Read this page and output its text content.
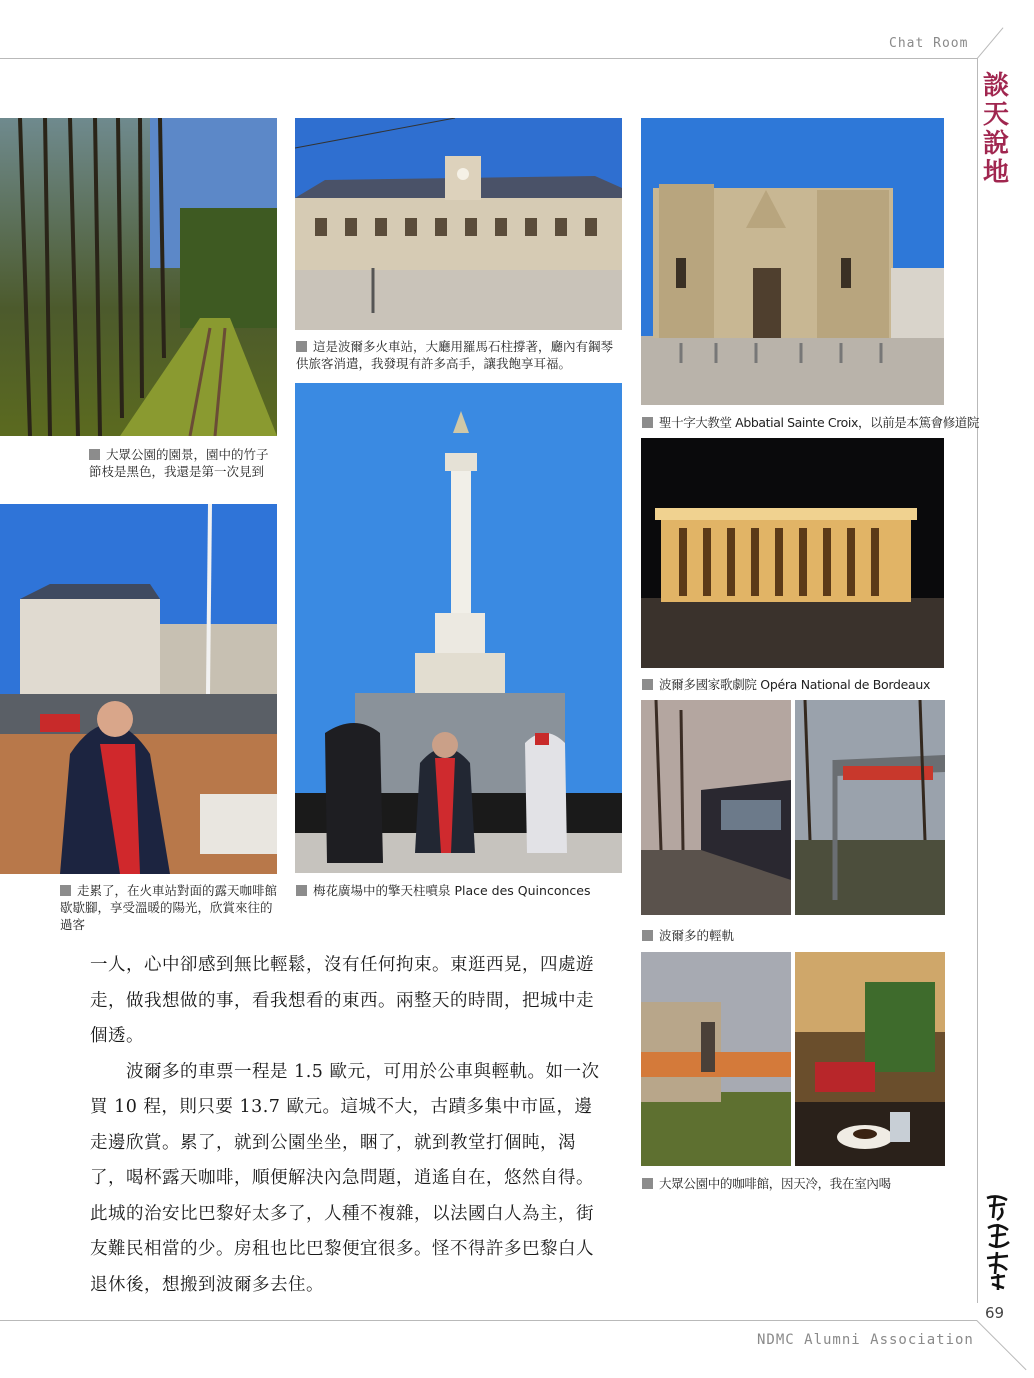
Chat Room
談天說地
大眾公園的園景，園中的竹子節枝是黑色，我還是第一次見到
這是波爾多火車站，大廳用羅馬石柱撐著，廳內有鋼琴供旅客消遣，我發現有許多高手，讓我飽享耳福。
聖十字大教堂 Abbatial Sainte Croix，以前是本篤會修道院
走累了，在火車站對面的露天咖啡館歇歇腳，享受溫暖的陽光，欣賞來往的過客
梅花廣場中的擎天柱噴泉 Place des Quinconces
波爾多國家歌劇院 Opéra National de Bordeaux
波爾多的輕軌
大眾公園中的咖啡館，因天冷，我在室內喝

一人，心中卻感到無比輕鬆，沒有任何拘束。東逛西晃，四處遊走，做我想做的事，看我想看的東西。兩整天的時間，把城中走個透。

波爾多的車票一程是 1.5 歐元，可用於公車與輕軌。如一次買 10 程，則只要 13.7 歐元。這城不大，古蹟多集中市區，邊走邊欣賞。累了，就到公園坐坐，睏了，就到教堂打個盹，渴了，喝杯露天咖啡，順便解決內急問題，逍遙自在，悠然自得。此城的治安比巴黎好太多了，人種不複雜，以法國白人為主，街友難民相當的少。房租也比巴黎便宜很多。怪不得許多巴黎白人退休後，想搬到波爾多去住。

69
NDMC Alumni Association
